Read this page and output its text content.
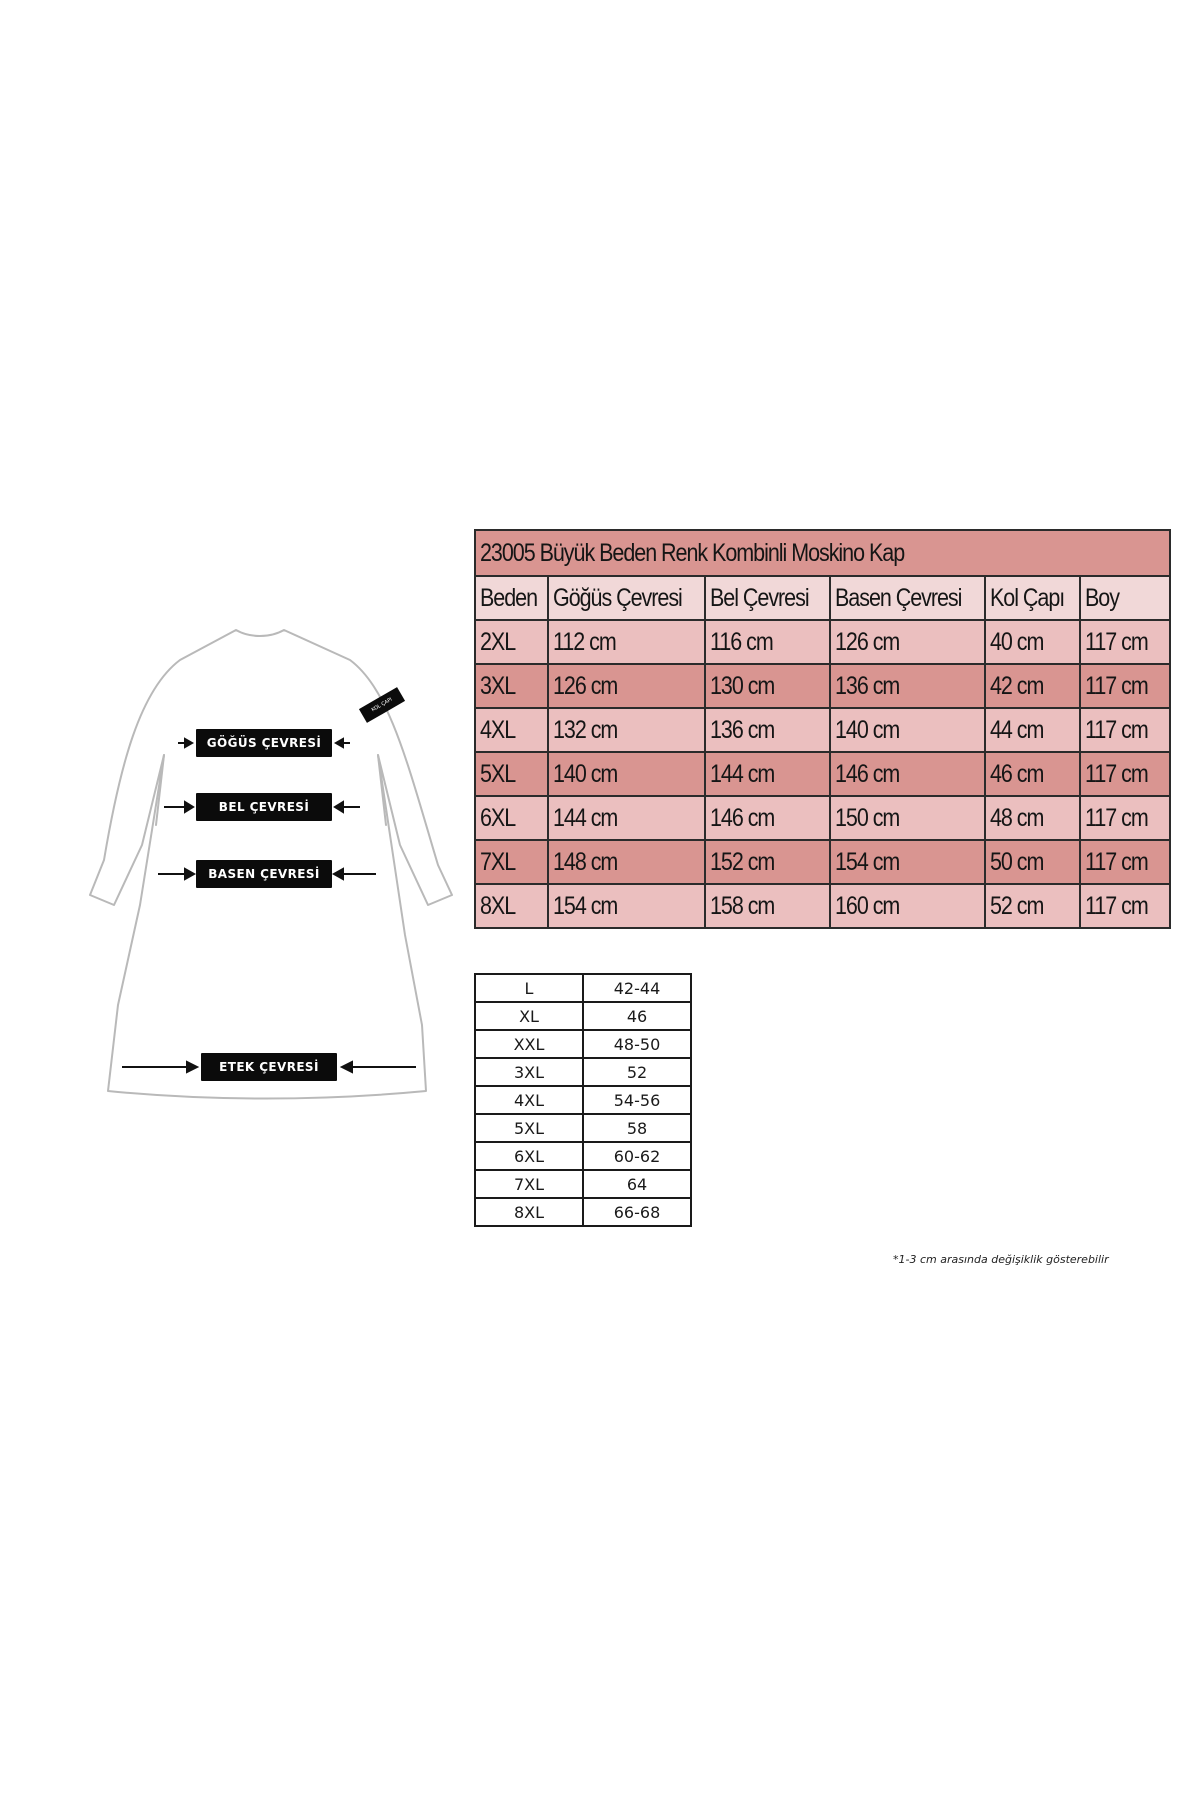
KOL ÇAPI
GÖĞÜS ÇEVRESİ
BEL ÇEVRESİ
BASEN ÇEVRESİ
ETEK ÇEVRESİ
23005 Büyük Beden Renk Kombinli Moskino Kap					
Beden	Göğüs Çevresi	Bel Çevresi	Basen Çevresi	Kol Çapı	Boy
2XL	112 cm	116 cm	126 cm	40 cm	117 cm
3XL	126 cm	130 cm	136 cm	42 cm	117 cm
4XL	132 cm	136 cm	140 cm	44 cm	117 cm
5XL	140 cm	144 cm	146 cm	46 cm	117 cm
6XL	144 cm	146 cm	150 cm	48 cm	117 cm
7XL	148 cm	152 cm	154 cm	50 cm	117 cm
8XL	154 cm	158 cm	160 cm	52 cm	117 cm
L	42-44
XL	46
XXL	48-50
3XL	52
4XL	54-56
5XL	58
6XL	60-62
7XL	64
8XL	66-68
*1-3 cm arasında değişiklik gösterebilir
